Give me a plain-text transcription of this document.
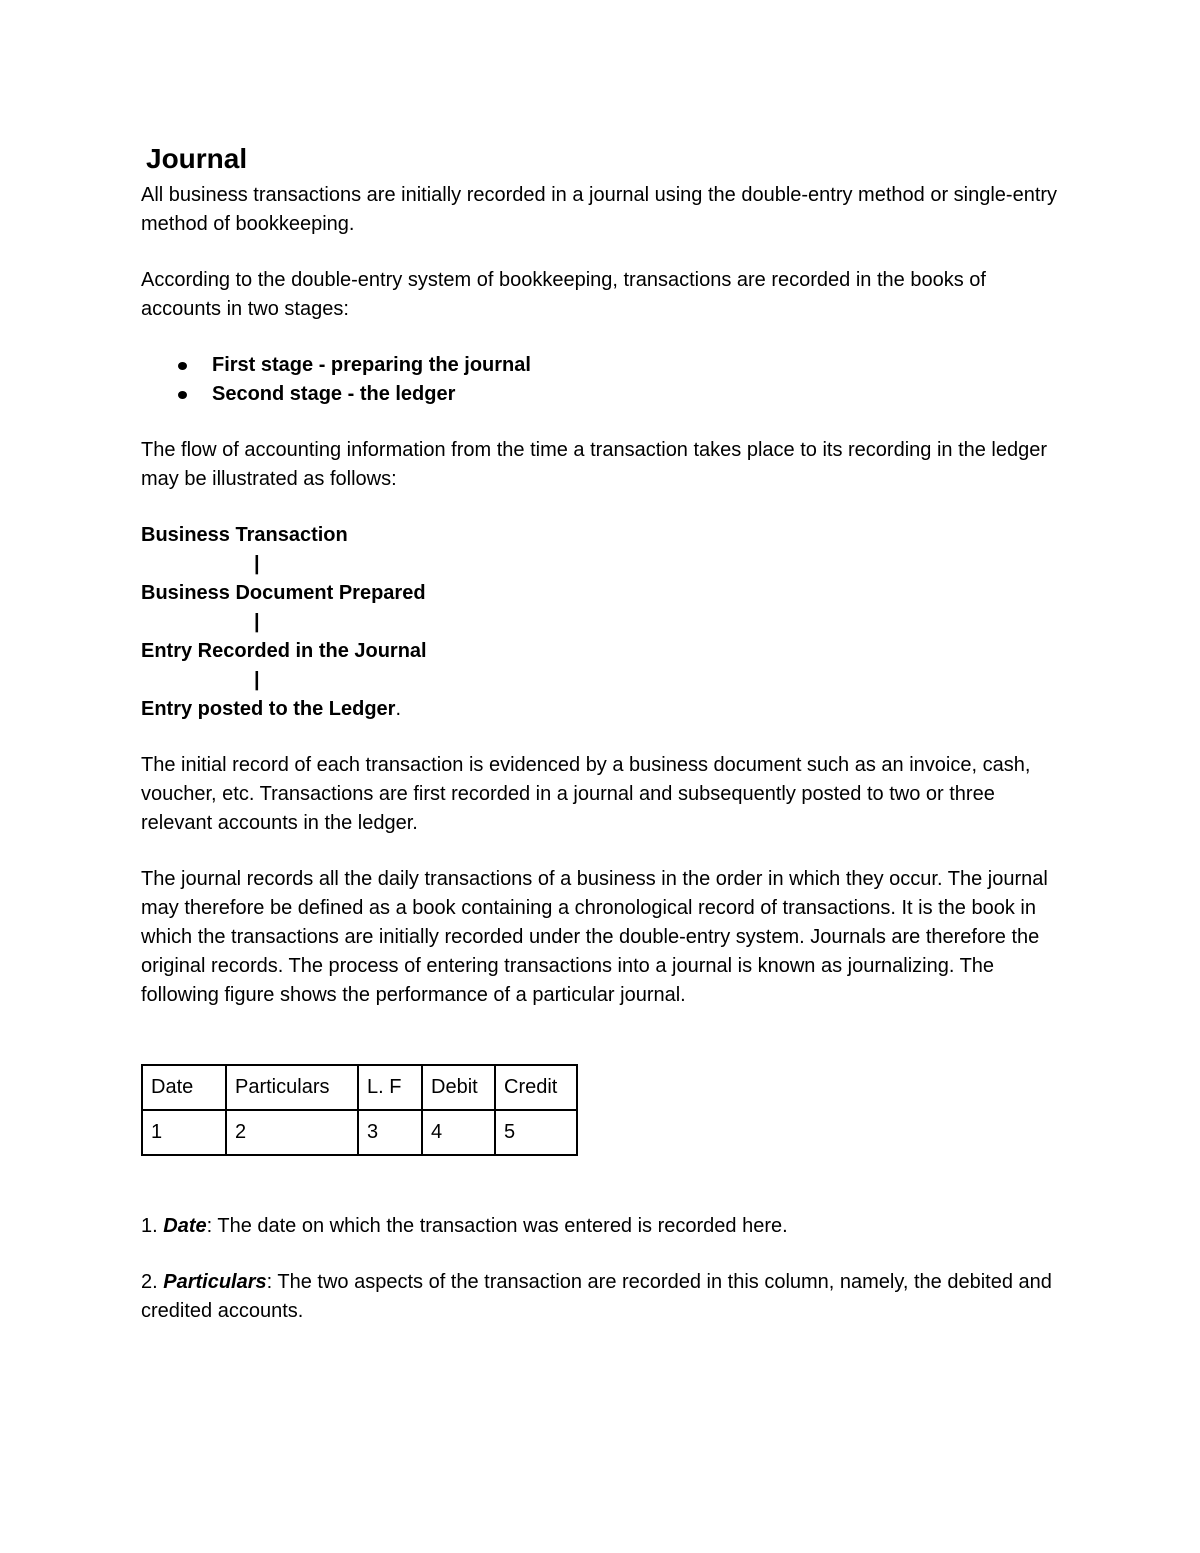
Journal

All business transactions are initially recorded in a journal using the double-entry method or single-entry method of bookkeeping.

According to the double-entry system of bookkeeping, transactions are recorded in the books of accounts in two stages:

First stage - preparing the journal
Second stage - the ledger

The flow of accounting information from the time a transaction takes place to its recording in the ledger may be illustrated as follows:

Business Transaction
|
Business Document Prepared
|
Entry Recorded in the Journal
|
Entry posted to the Ledger.

The initial record of each transaction is evidenced by a business document such as an invoice, cash, voucher, etc. Transactions are first recorded in a journal and subsequently posted to two or three relevant accounts in the ledger.

The journal records all the daily transactions of a business in the order in which they occur. The journal may therefore be defined as a book containing a chronological record of transactions. It is the book in which the transactions are initially recorded under the double-entry system. Journals are therefore the original records. The process of entering transactions into a journal is known as journalizing. The following figure shows the performance of a particular journal.

Date	Particulars	L. F	Debit	Credit
1	2	3	4	5

1. Date: The date on which the transaction was entered is recorded here.

2. Particulars: The two aspects of the transaction are recorded in this column, namely, the debited and credited accounts.
